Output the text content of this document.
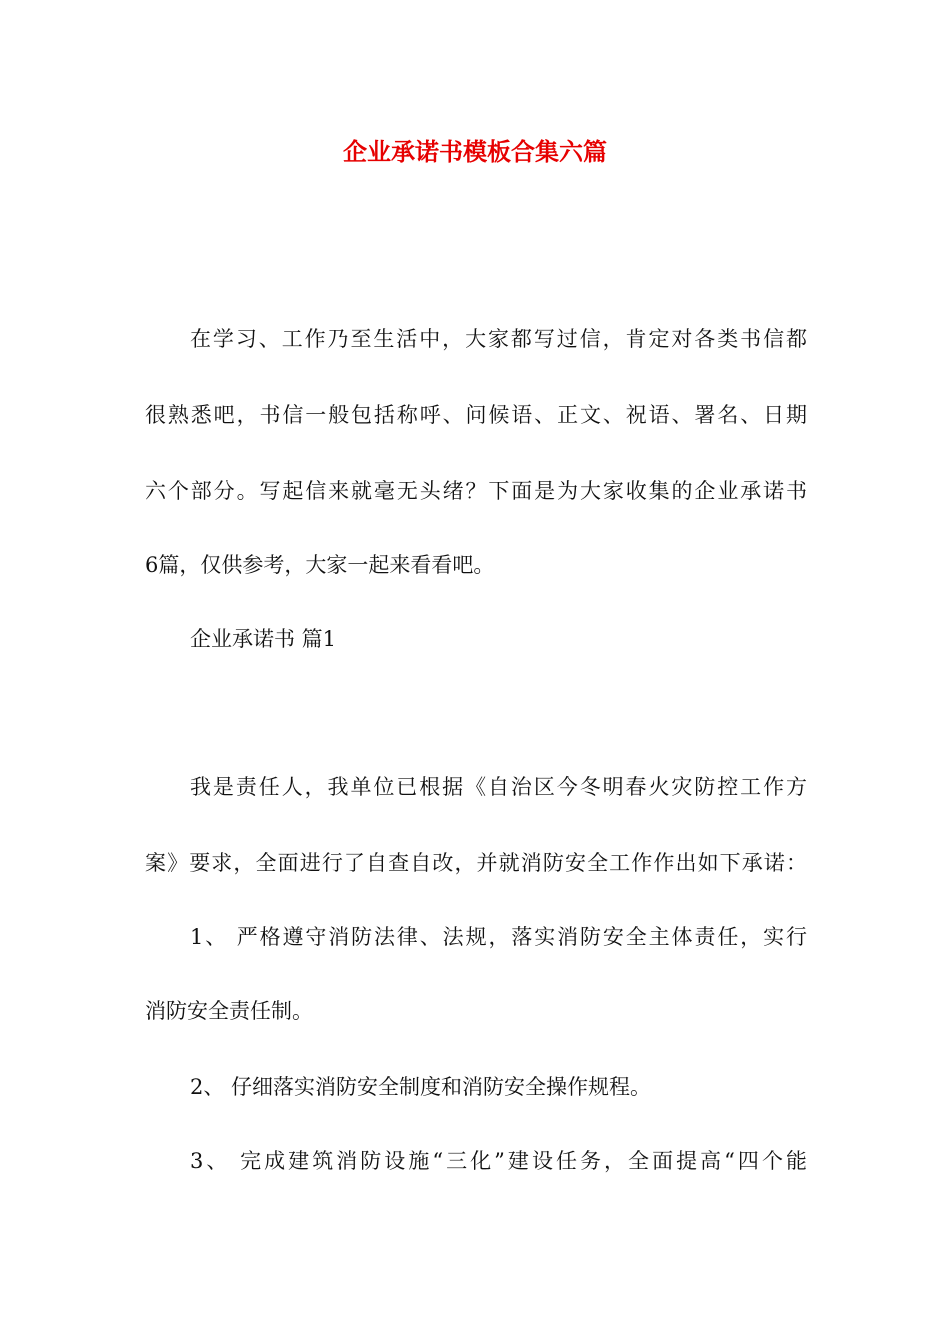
企业承诺书模板合集六篇

在学习、工作乃至生活中，大家都写过信，肯定对各类书信都

很熟悉吧，书信一般包括称呼、问候语、正文、祝语、署名、日期

六个部分。写起信来就毫无头绪？下面是为大家收集的企业承诺书

6篇，仅供参考，大家一起来看看吧。

企业承诺书 篇1

我是责任人，我单位已根据《自治区今冬明春火灾防控工作方

案》要求，全面进行了自查自改，并就消防安全工作作出如下承诺：

1、 严格遵守消防法律、法规，落实消防安全主体责任，实行

消防安全责任制。

2、 仔细落实消防安全制度和消防安全操作规程。

3、 完成建筑消防设施“三化”建设任务，全面提高“四个能
